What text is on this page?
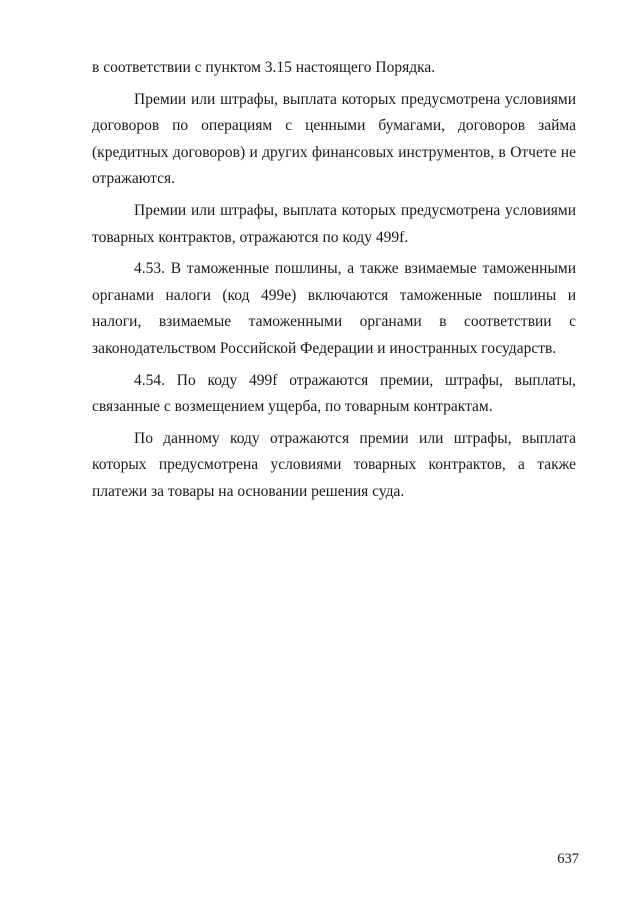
в соответствии с пунктом 3.15 настоящего Порядка.

Премии или штрафы, выплата которых предусмотрена условиями договоров по операциям с ценными бумагами, договоров займа (кредитных договоров) и других финансовых инструментов, в Отчете не отражаются.

Премии или штрафы, выплата которых предусмотрена условиями товарных контрактов, отражаются по коду 499f.

4.53. В таможенные пошлины, а также взимаемые таможенными органами налоги (код 499е) включаются таможенные пошлины и налоги, взимаемые таможенными органами в соответствии с законодательством Российской Федерации и иностранных государств.

4.54. По коду 499f отражаются премии, штрафы, выплаты, связанные с возмещением ущерба, по товарным контрактам.

По данному коду отражаются премии или штрафы, выплата которых предусмотрена условиями товарных контрактов, а также платежи за товары на основании решения суда.

637
